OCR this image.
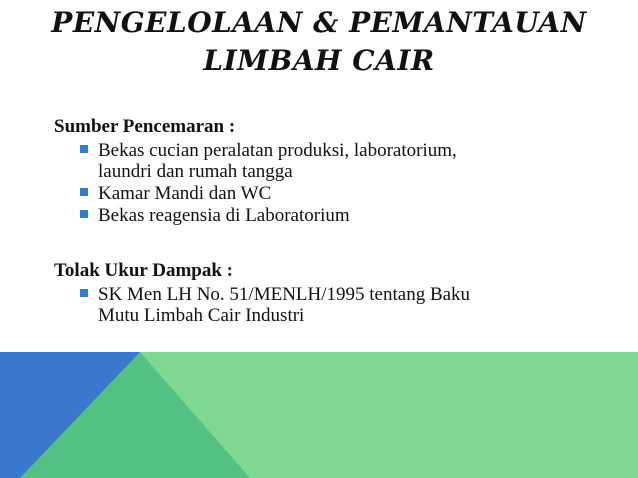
PENGELOLAAN & PEMANTAUAN
LIMBAH CAIR
Sumber Pencemaran :
Bekas cucian peralatan produksi, laboratorium,
laundri dan rumah tangga
Kamar Mandi dan WC
Bekas reagensia di Laboratorium
Tolak Ukur Dampak :
SK Men LH No. 51/MENLH/1995 tentang Baku
Mutu Limbah Cair Industri
